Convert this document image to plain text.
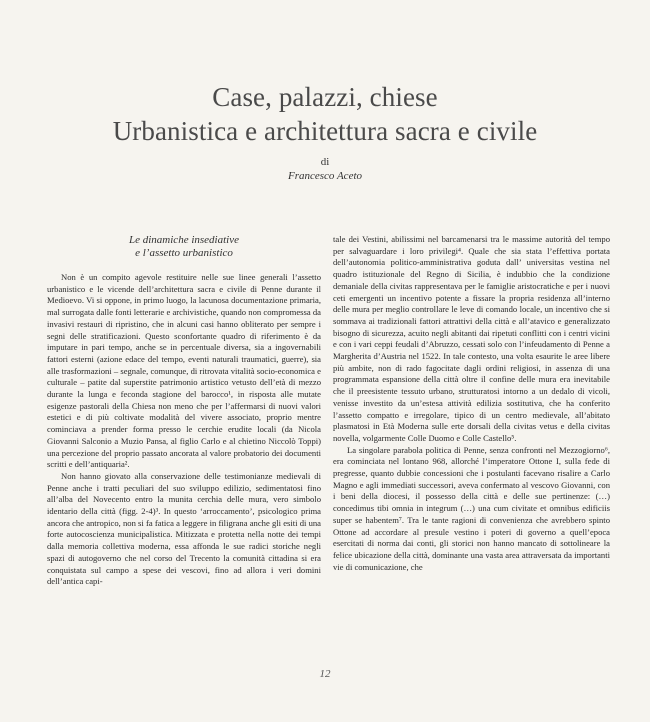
Case, palazzi, chiese
Urbanistica e architettura sacra e civile
di
Francesco Aceto
Le dinamiche insediative
e l’assetto urbanistico

Non è un compito agevole restituire nelle sue linee generali l’assetto urbanistico e le vicende dell’architettura sacra e civile di Penne durante il Medioevo. Vi si oppone, in primo luogo, la lacunosa documentazione primaria, mal surrogata dalle fonti letterarie e archivistiche, quando non compromessa da invasivi restauri di ripristino, che in alcuni casi hanno obliterato per sempre i segni delle stratificazioni. Questo sconfortante quadro di riferimento è da imputare in pari tempo, anche se in percentuale diversa, sia a ingovernabili fattori esterni (azione edace del tempo, eventi naturali traumatici, guerre), sia alle trasformazioni – segnale, comunque, di ritrovata vitalità socio-economica e culturale – patite dal superstite patrimonio artistico vetusto dell’età di mezzo durante la lunga e feconda stagione del barocco¹, in risposta alle mutate esigenze pastorali della Chiesa non meno che per l’affermarsi di nuovi valori estetici e di più coltivate modalità del vivere associato, proprio mentre cominciava a prender forma presso le cerchie erudite locali (da Nicola Giovanni Salconio a Muzio Pansa, al figlio Carlo e al chietino Niccolò Toppi) una percezione del proprio passato ancorata al valore probatorio dei documenti scritti e dell’antiquaria².

Non hanno giovato alla conservazione delle testimonianze medievali di Penne anche i tratti peculiari del suo sviluppo edilizio, sedimentatosi fino all’alba del Novecento entro la munita cerchia delle mura, vero simbolo identario della città (figg. 2-4)³. In questo ‘arroccamento’, psicologico prima ancora che antropico, non si fa fatica a leggere in filigrana anche gli esiti di una forte autocoscienza municipalistica. Mitizzata e protetta nella notte dei tempi dalla memoria collettiva moderna, essa affonda le sue radici storiche negli spazi di autogoverno che nel corso del Trecento la comunità cittadina si era conquistata sul campo a spese dei vescovi, fino ad allora i veri domini dell’antica capi-

tale dei Vestini, abilissimi nel barcamenarsi tra le massime autorità del tempo per salvaguardare i loro privilegi⁴. Quale che sia stata l’effettiva portata dell’autonomia politico-amministrativa goduta dall’ universitas vestina nel quadro istituzionale del Regno di Sicilia, è indubbio che la condizione demaniale della civitas rappresentava per le famiglie aristocratiche e per i nuovi ceti emergenti un incentivo potente a fissare la propria residenza all’interno delle mura per meglio controllare le leve di comando locale, un incentivo che si sommava ai tradizionali fattori attrattivi della città e all’atavico e generalizzato bisogno di sicurezza, acuito negli abitanti dai ripetuti conflitti con i centri vicini e con i vari ceppi feudali d’Abruzzo, cessati solo con l’infeudamento di Penne a Margherita d’Austria nel 1522. In tale contesto, una volta esaurite le aree libere più ambite, non di rado fagocitate dagli ordini religiosi, in assenza di una programmata espansione della città oltre il confine delle mura era inevitabile che il preesistente tessuto urbano, strutturatosi intorno a un dedalo di vicoli, venisse investito da un’estesa attività edilizia sostitutiva, che ha conferito l’assetto compatto e irregolare, tipico di un centro medievale, all’abitato plasmatosi in Età Moderna sulle erte dorsali della civitas vetus e della civitas novella, volgarmente Colle Duomo e Colle Castello⁵.

La singolare parabola politica di Penne, senza confronti nel Mezzogiorno⁶, era cominciata nel lontano 968, allorché l’imperatore Ottone I, sulla fede di pregresse, quanto dubbie concessioni che i postulanti facevano risalire a Carlo Magno e agli immediati successori, aveva confermato al vescovo Giovanni, con i beni della diocesi, il possesso della città e delle sue pertinenze: (…) concedimus tibi omnia in integrum (…) una cum civitate et omnibus edificiis super se habentem⁷. Tra le tante ragioni di convenienza che avrebbero spinto Ottone ad accordare al presule vestino i poteri di governo a quell’epoca esercitati di norma dai conti, gli storici non hanno mancato di sottolineare la felice ubicazione della città, dominante una vasta area attraversata da importanti vie di comunicazione, che

12
